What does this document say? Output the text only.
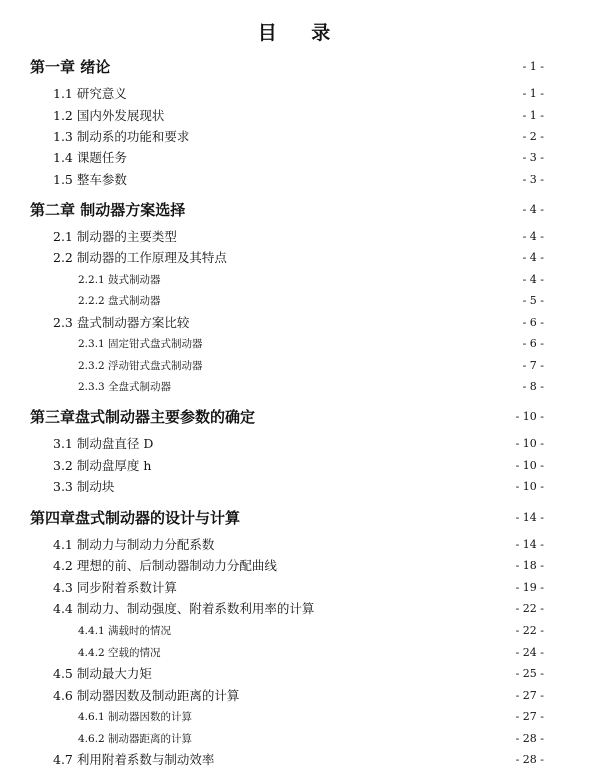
目 录
第一章 绪论	- 1 -
1.1 研究意义	- 1 -
1.2 国内外发展现状	- 1 -
1.3 制动系的功能和要求	- 2 -
1.4 课题任务	- 3 -
1.5 整车参数	- 3 -
第二章 制动器方案选择	- 4 -
2.1 制动器的主要类型	- 4 -
2.2 制动器的工作原理及其特点	- 4 -
2.2.1 鼓式制动器	- 4 -
2.2.2 盘式制动器	- 5 -
2.3 盘式制动器方案比较	- 6 -
2.3.1 固定钳式盘式制动器	- 6 -
2.3.2 浮动钳式盘式制动器	- 7 -
2.3.3 全盘式制动器	- 8 -
第三章盘式制动器主要参数的确定	- 10 -
3.1 制动盘直径 D	- 10 -
3.2 制动盘厚度 h	- 10 -
3.3 制动块	- 10 -
第四章盘式制动器的设计与计算	- 14 -
4.1 制动力与制动力分配系数	- 14 -
4.2 理想的前、后制动器制动力分配曲线	- 18 -
4.3 同步附着系数计算	- 19 -
4.4 制动力、制动强度、附着系数利用率的计算	- 22 -
4.4.1 满载时的情况	- 22 -
4.4.2 空载的情况	- 24 -
4.5 制动最大力矩	- 25 -
4.6 制动器因数及制动距离的计算	- 27 -
4.6.1 制动器因数的计算	- 27 -
4.6.2 制动器距离的计算	- 28 -
4.7 利用附着系数与制动效率	- 28 -
